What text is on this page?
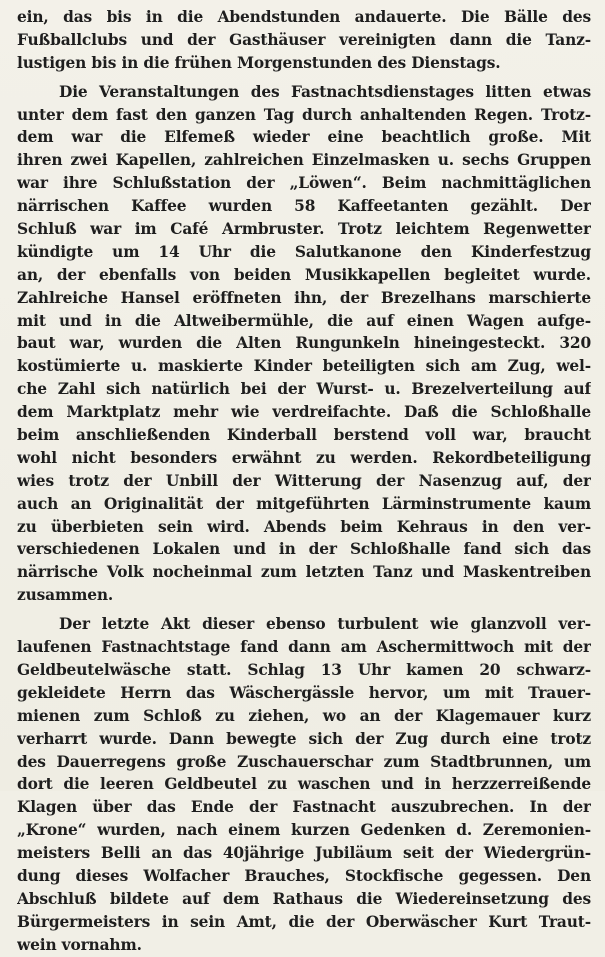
ein, das bis in die Abendstunden andauerte. Die Bälle des
Fußballclubs und der Gasthäuser vereinigten dann die Tanz-
lustigen bis in die frühen Morgenstunden des Dienstags.
Die Veranstaltungen des Fastnachtsdienstages litten etwas
unter dem fast den ganzen Tag durch anhaltenden Regen. Trotz-
dem war die Elfemeß wieder eine beachtlich große. Mit
ihren zwei Kapellen, zahlreichen Einzelmasken u. sechs Gruppen
war ihre Schlußstation der „Löwen“. Beim nachmittäglichen
närrischen Kaffee wurden 58 Kaffeetanten gezählt. Der
Schluß war im Café Armbruster. Trotz leichtem Regenwetter
kündigte um 14 Uhr die Salutkanone den Kinderfestzug
an, der ebenfalls von beiden Musikkapellen begleitet wurde.
Zahlreiche Hansel eröffneten ihn, der Brezelhans marschierte
mit und in die Altweibermühle, die auf einen Wagen aufge-
baut war, wurden die Alten Rungunkeln hineingesteckt. 320
kostümierte u. maskierte Kinder beteiligten sich am Zug, wel-
che Zahl sich natürlich bei der Wurst- u. Brezelverteilung auf
dem Marktplatz mehr wie verdreifachte. Daß die Schloßhalle
beim anschließenden Kinderball berstend voll war, braucht
wohl nicht besonders erwähnt zu werden. Rekordbeteiligung
wies trotz der Unbill der Witterung der Nasenzug auf, der
auch an Originalität der mitgeführten Lärminstrumente kaum
zu überbieten sein wird. Abends beim Kehraus in den ver-
verschiedenen Lokalen und in der Schloßhalle fand sich das
närrische Volk nocheinmal zum letzten Tanz und Maskentreiben
zusammen.
Der letzte Akt dieser ebenso turbulent wie glanzvoll ver-
laufenen Fastnachtstage fand dann am Aschermittwoch mit der
Geldbeutelwäsche statt. Schlag 13 Uhr kamen 20 schwarz-
gekleidete Herrn das Wäschergässle hervor, um mit Trauer-
mienen zum Schloß zu ziehen, wo an der Klagemauer kurz
verharrt wurde. Dann bewegte sich der Zug durch eine trotz
des Dauerregens große Zuschauerschar zum Stadtbrunnen, um
dort die leeren Geldbeutel zu waschen und in herzzerreißende
Klagen über das Ende der Fastnacht auszubrechen. In der
„Krone“ wurden, nach einem kurzen Gedenken d. Zeremonien-
meisters Belli an das 40jährige Jubiläum seit der Wiedergrün-
dung dieses Wolfacher Brauches, Stockfische gegessen. Den
Abschluß bildete auf dem Rathaus die Wiedereinsetzung des
Bürgermeisters in sein Amt, die der Oberwäscher Kurt Traut-
wein vornahm.
